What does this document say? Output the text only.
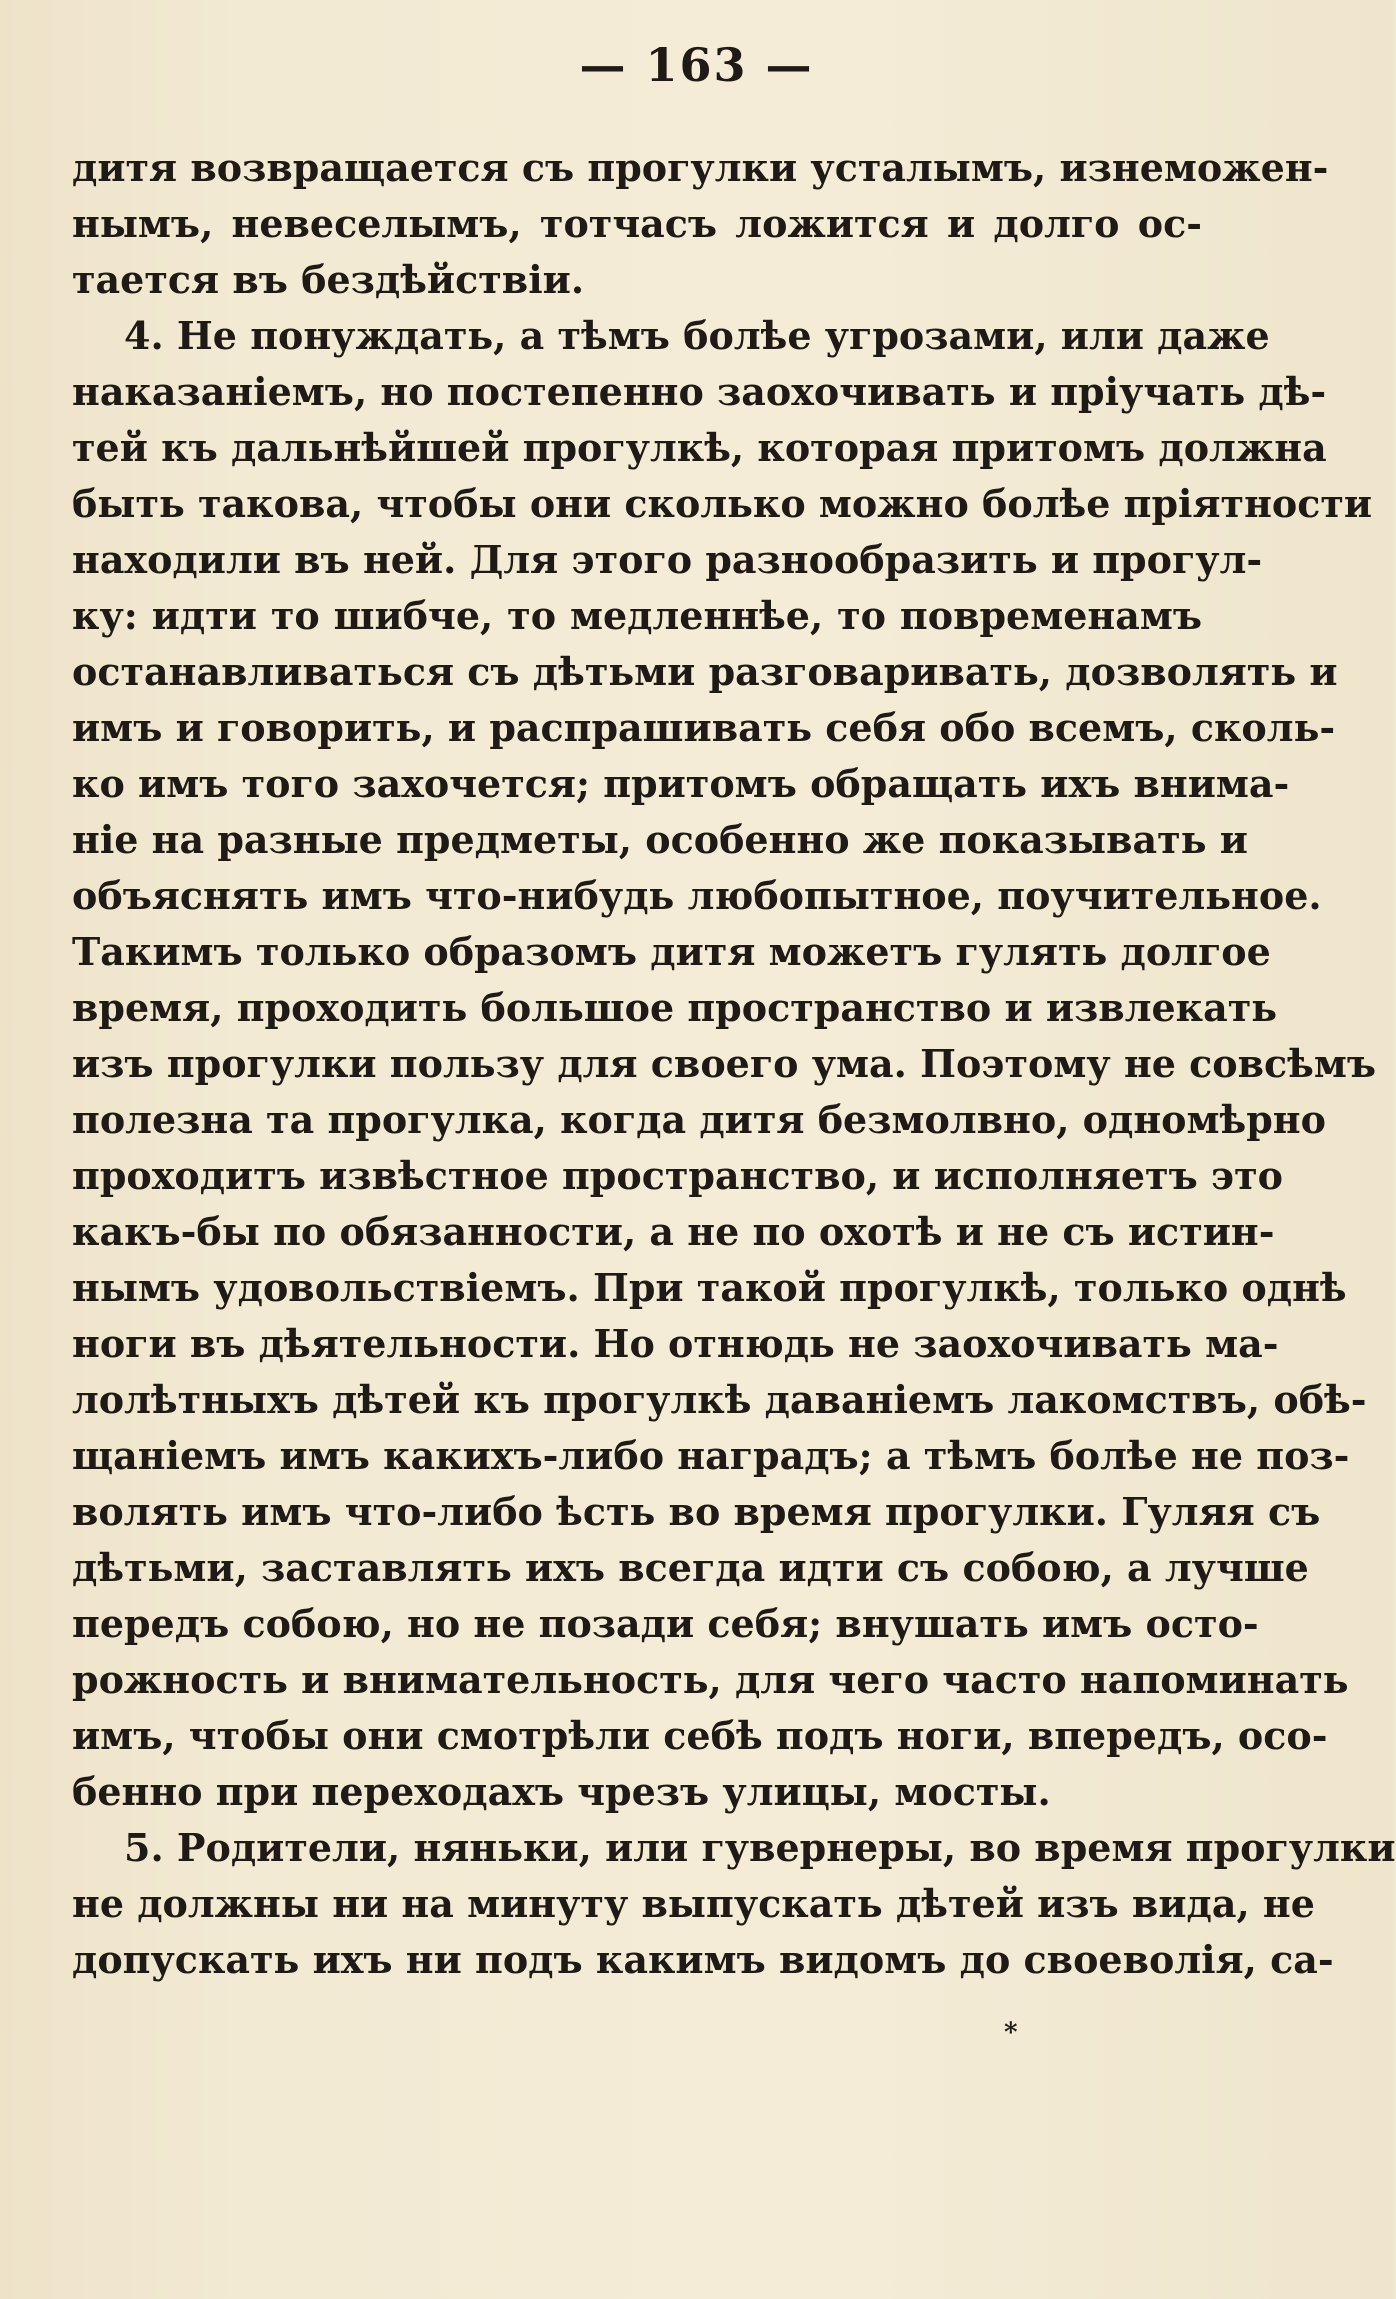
— 163 —
дитя возвращается съ прогулки усталымъ, изнеможен-
нымъ, невеселымъ, тотчасъ ложится и долго ос-
тается въ бездѣйствіи.
4. Не понуждать, а тѣмъ болѣе угрозами, или даже
наказаніемъ, но постепенно заохочивать и пріучать дѣ-
тей къ дальнѣйшей прогулкѣ, которая притомъ должна
быть такова, чтобы они сколько можно болѣе пріятности
находили въ ней. Для этого разнообразить и прогул-
ку: идти то шибче, то медленнѣе, то повременамъ
останавливаться съ дѣтьми разговаривать, дозволять и
имъ и говорить, и распрашивать себя обо всемъ, сколь-
ко имъ того захочется; притомъ обращать ихъ внима-
ніе на разные предметы, особенно же показывать и
объяснять имъ что-нибудь любопытное, поучительное.
Такимъ только образомъ дитя можетъ гулять долгое
время, проходить большое пространство и извлекать
изъ прогулки пользу для своего ума. Поэтому не совсѣмъ
полезна та прогулка, когда дитя безмолвно, одномѣрно
проходитъ извѣстное пространство, и исполняетъ это
какъ-бы по обязанности, а не по охотѣ и не съ истин-
нымъ удовольствіемъ. При такой прогулкѣ, только однѣ
ноги въ дѣятельности. Но отнюдь не заохочивать ма-
лолѣтныхъ дѣтей къ прогулкѣ даваніемъ лакомствъ, обѣ-
щаніемъ имъ какихъ-либо наградъ; а тѣмъ болѣе не поз-
волять имъ что-либо ѣсть во время прогулки. Гуляя съ
дѣтьми, заставлять ихъ всегда идти съ собою, а лучше
передъ собою, но не позади себя; внушать имъ осто-
рожность и внимательность, для чего часто напоминать
имъ, чтобы они смотрѣли себѣ подъ ноги, впередъ, осо-
бенно при переходахъ чрезъ улицы, мосты.
5. Родители, няньки, или гувернеры, во время прогулки
не должны ни на минуту выпускать дѣтей изъ вида, не
допускать ихъ ни подъ какимъ видомъ до своеволія, са-
*
